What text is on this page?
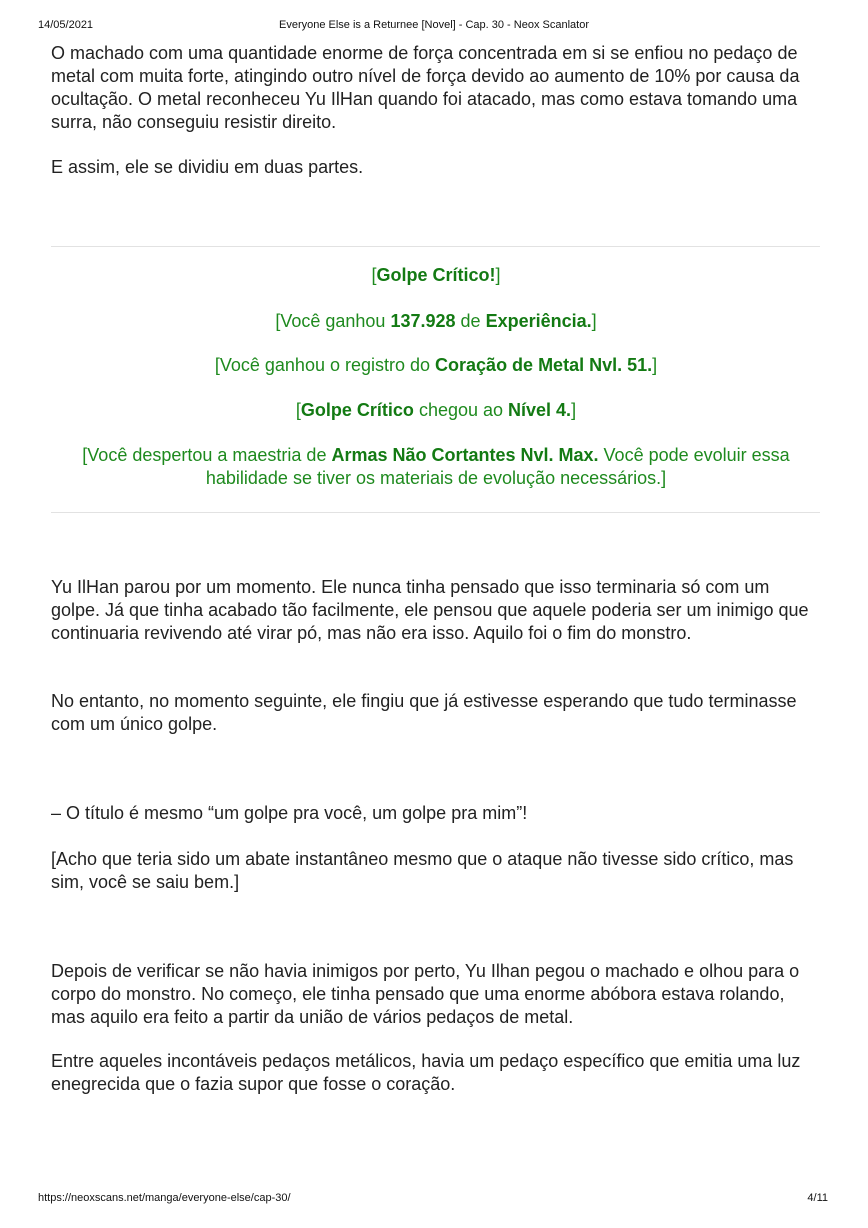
14/05/2021	Everyone Else is a Returnee [Novel] - Cap. 30 - Neox Scanlator

O machado com uma quantidade enorme de força concentrada em si se enfiou no pedaço de metal com muita forte, atingindo outro nível de força devido ao aumento de 10% por causa da ocultação. O metal reconheceu Yu IlHan quando foi atacado, mas como estava tomando uma surra, não conseguiu resistir direito.

E assim, ele se dividiu em duas partes.

[Golpe Crítico!]

[Você ganhou 137.928 de Experiência.]

[Você ganhou o registro do Coração de Metal Nvl. 51.]

[Golpe Crítico chegou ao Nível 4.]

[Você despertou a maestria de Armas Não Cortantes Nvl. Max. Você pode evoluir essa habilidade se tiver os materiais de evolução necessários.]

Yu IlHan parou por um momento. Ele nunca tinha pensado que isso terminaria só com um golpe. Já que tinha acabado tão facilmente, ele pensou que aquele poderia ser um inimigo que continuaria revivendo até virar pó, mas não era isso. Aquilo foi o fim do monstro.

No entanto, no momento seguinte, ele fingiu que já estivesse esperando que tudo terminasse com um único golpe.

– O título é mesmo “um golpe pra você, um golpe pra mim”!

[Acho que teria sido um abate instantâneo mesmo que o ataque não tivesse sido crítico, mas sim, você se saiu bem.]

Depois de verificar se não havia inimigos por perto, Yu Ilhan pegou o machado e olhou para o corpo do monstro. No começo, ele tinha pensado que uma enorme abóbora estava rolando, mas aquilo era feito a partir da união de vários pedaços de metal.

Entre aqueles incontáveis pedaços metálicos, havia um pedaço específico que emitia uma luz enegrecida que o fazia supor que fosse o coração.

https://neoxscans.net/manga/everyone-else/cap-30/	4/11
